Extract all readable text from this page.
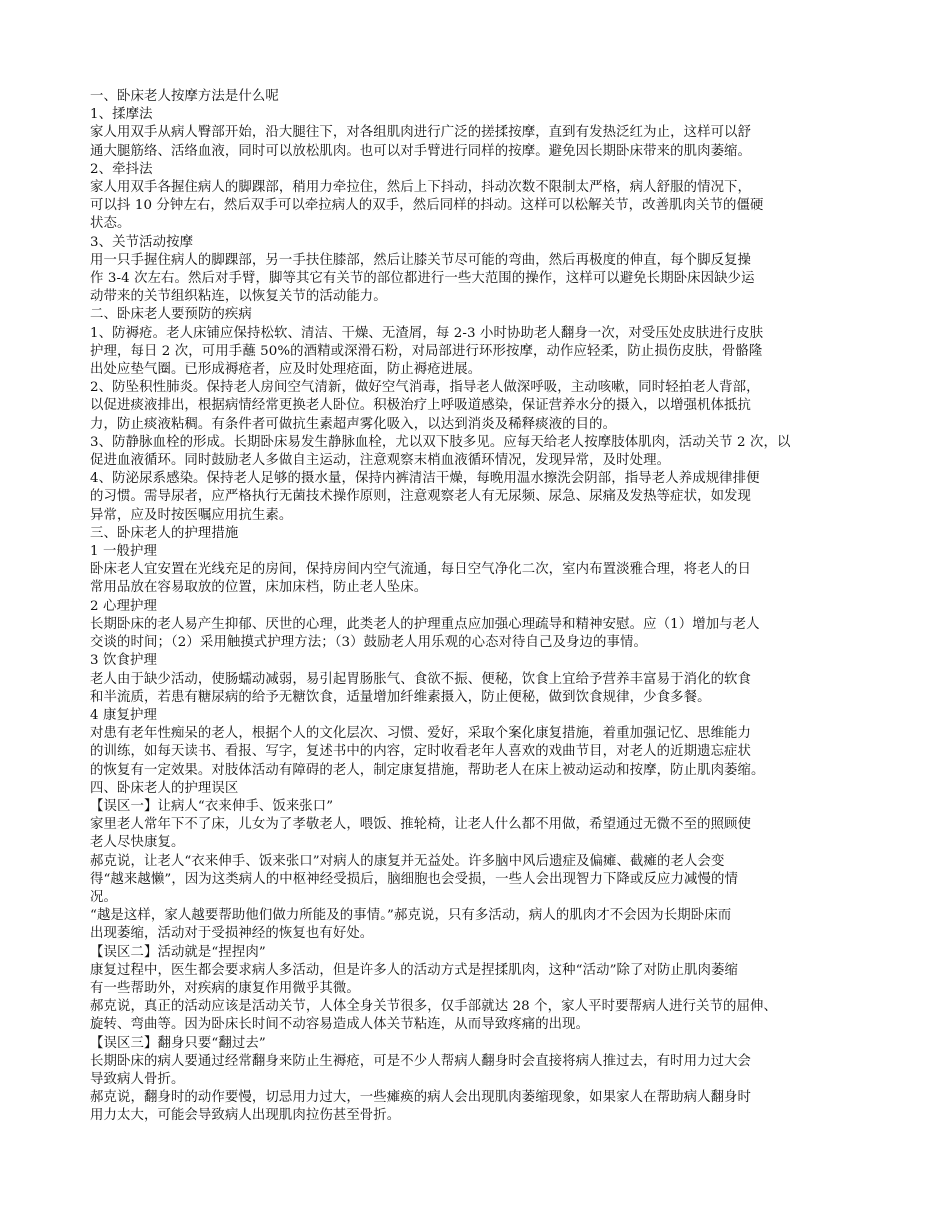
一、卧床老人按摩方法是什么呢
1、揉摩法
家人用双手从病人臀部开始，沿大腿往下，对各组肌肉进行广泛的搓揉按摩，直到有发热泛红为止，这样可以舒
通大腿筋络、活络血液，同时可以放松肌肉。也可以对手臂进行同样的按摩。避免因长期卧床带来的肌肉萎缩。
2、牵抖法
家人用双手各握住病人的脚踝部，稍用力牵拉住，然后上下抖动，抖动次数不限制太严格，病人舒服的情况下，
可以抖 10 分钟左右，然后双手可以牵拉病人的双手，然后同样的抖动。这样可以松解关节，改善肌肉关节的僵硬
状态。
3、关节活动按摩
用一只手握住病人的脚踝部，另一手扶住膝部，然后让膝关节尽可能的弯曲，然后再极度的伸直，每个脚反复操
作 3-4 次左右。然后对手臂，脚等其它有关节的部位都进行一些大范围的操作，这样可以避免长期卧床因缺少运
动带来的关节组织粘连，以恢复关节的活动能力。
二、卧床老人要预防的疾病
1、防褥疮。老人床铺应保持松软、清洁、干燥、无渣屑，每 2-3 小时协助老人翻身一次，对受压处皮肤进行皮肤
护理，每日 2 次，可用手蘸 50%的酒精或深滑石粉，对局部进行环形按摩，动作应轻柔，防止损伤皮肤，骨骼隆
出处应垫气圈。已形成褥疮者，应及时处理疮面，防止褥疮进展。
2、防坠积性肺炎。保持老人房间空气清新，做好空气消毒，指导老人做深呼吸，主动咳嗽，同时轻拍老人背部，
以促进痰液排出，根据病情经常更换老人卧位。积极治疗上呼吸道感染，保证营养水分的摄入，以增强机体抵抗
力，防止痰液粘稠。有条件者可做抗生素超声雾化吸入，以达到消炎及稀释痰液的目的。
3、防静脉血栓的形成。长期卧床易发生静脉血栓，尤以双下肢多见。应每天给老人按摩肢体肌肉，活动关节 2 次，以
促进血液循环。同时鼓励老人多做自主运动，注意观察末梢血液循环情况，发现异常，及时处理。
4、防泌尿系感染。保持老人足够的摄水量，保持内裤清洁干燥，每晚用温水擦洗会阴部，指导老人养成规律排便
的习惯。需导尿者，应严格执行无菌技术操作原则，注意观察老人有无尿频、尿急、尿痛及发热等症状，如发现
异常，应及时按医嘱应用抗生素。
三、卧床老人的护理措施
1 一般护理
卧床老人宜安置在光线充足的房间，保持房间内空气流通，每日空气净化二次，室内布置淡雅合理，将老人的日
常用品放在容易取放的位置，床加床档，防止老人坠床。
2 心理护理
长期卧床的老人易产生抑郁、厌世的心理，此类老人的护理重点应加强心理疏导和精神安慰。应（1）增加与老人
交谈的时间；（2）采用触摸式护理方法；（3）鼓励老人用乐观的心态对待自己及身边的事情。
3 饮食护理
老人由于缺少活动，使肠蠕动减弱，易引起胃肠胀气、食欲不振、便秘，饮食上宜给予营养丰富易于消化的软食
和半流质，若患有糖尿病的给予无糖饮食，适量增加纤维素摄入，防止便秘，做到饮食规律，少食多餐。
4 康复护理
对患有老年性痴呆的老人，根据个人的文化层次、习惯、爱好，采取个案化康复措施，着重加强记忆、思维能力
的训练，如每天读书、看报、写字，复述书中的内容，定时收看老年人喜欢的戏曲节目，对老人的近期遗忘症状
的恢复有一定效果。对肢体活动有障碍的老人，制定康复措施，帮助老人在床上被动运动和按摩，防止肌肉萎缩。
四、卧床老人的护理误区
【误区一】让病人“衣来伸手、饭来张口”
家里老人常年下不了床，儿女为了孝敬老人，喂饭、推轮椅，让老人什么都不用做，希望通过无微不至的照顾使
老人尽快康复。
郝克说，让老人“衣来伸手、饭来张口”对病人的康复并无益处。许多脑中风后遗症及偏瘫、截瘫的老人会变
得“越来越懒”，因为这类病人的中枢神经受损后，脑细胞也会受损，一些人会出现智力下降或反应力减慢的情
况。
“越是这样，家人越要帮助他们做力所能及的事情。”郝克说，只有多活动，病人的肌肉才不会因为长期卧床而
出现萎缩，活动对于受损神经的恢复也有好处。
【误区二】活动就是“捏捏肉”
康复过程中，医生都会要求病人多活动，但是许多人的活动方式是捏揉肌肉，这种“活动”除了对防止肌肉萎缩
有一些帮助外，对疾病的康复作用微乎其微。
郝克说，真正的活动应该是活动关节，人体全身关节很多，仅手部就达 28 个，家人平时要帮病人进行关节的屈伸、
旋转、弯曲等。因为卧床长时间不动容易造成人体关节粘连，从而导致疼痛的出现。
【误区三】翻身只要“翻过去”
长期卧床的病人要通过经常翻身来防止生褥疮，可是不少人帮病人翻身时会直接将病人推过去，有时用力过大会
导致病人骨折。
郝克说，翻身时的动作要慢，切忌用力过大，一些瘫痪的病人会出现肌肉萎缩现象，如果家人在帮助病人翻身时
用力太大，可能会导致病人出现肌肉拉伤甚至骨折。
